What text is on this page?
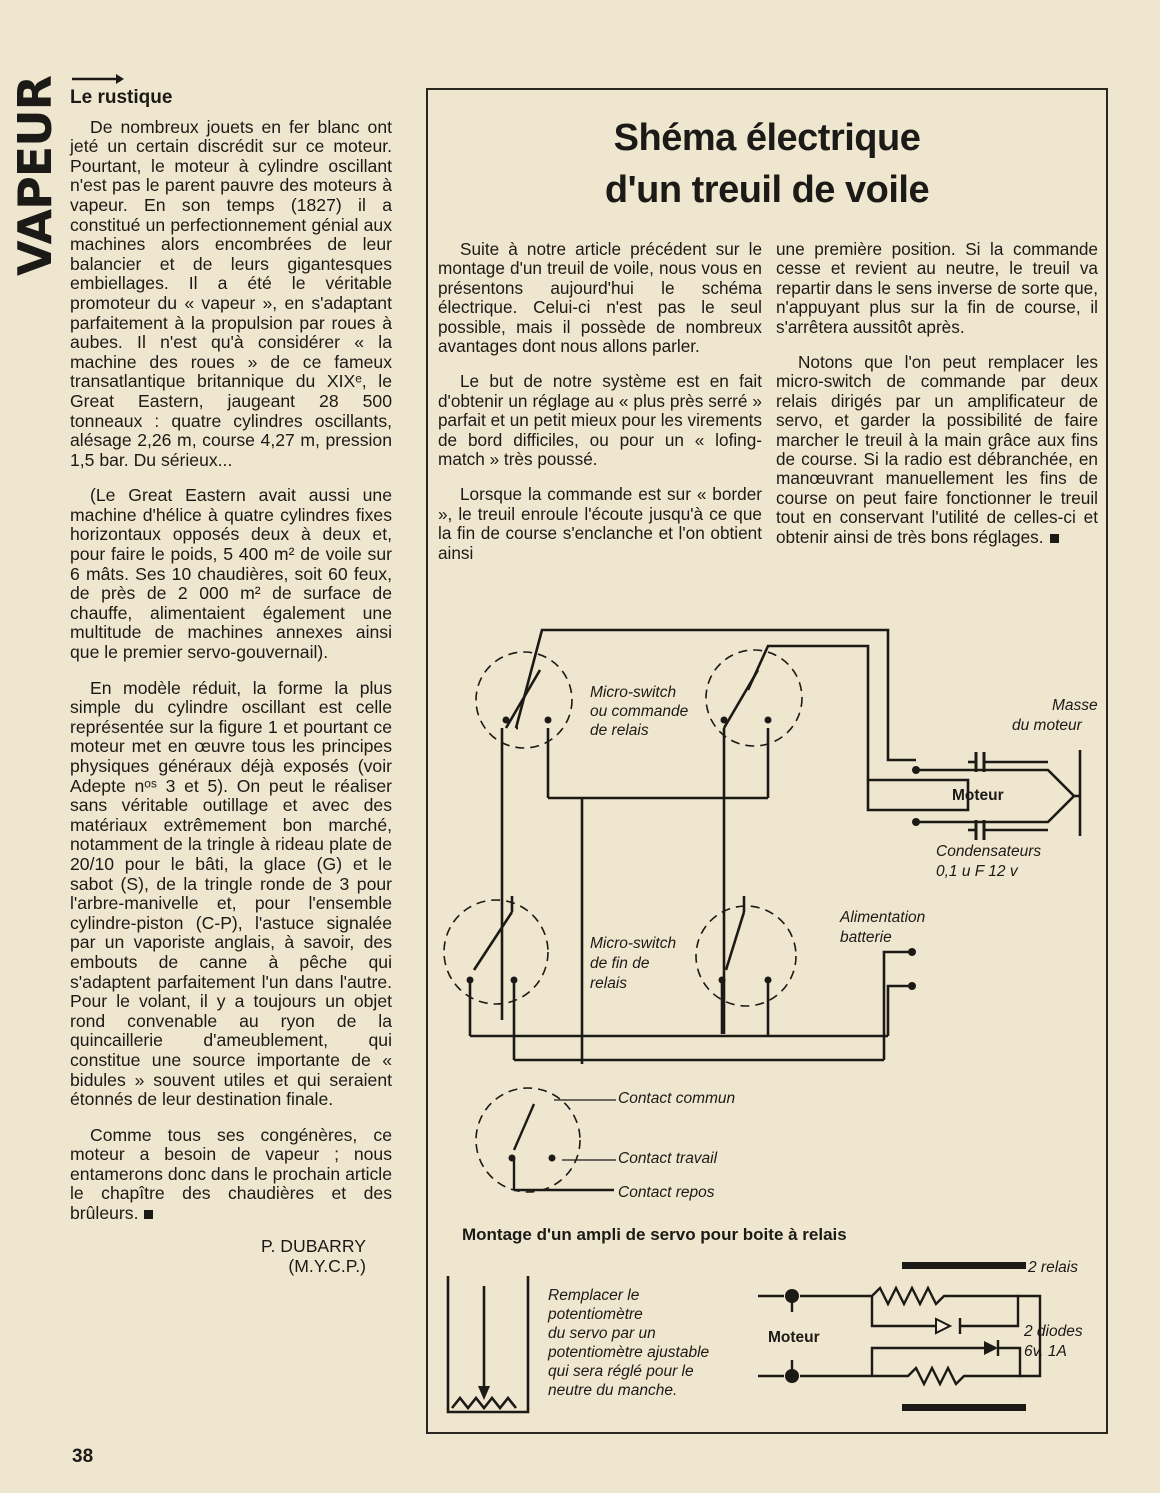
VAPEUR Le rustique

De nombreux jouets en fer blanc ont jeté un certain discrédit sur ce moteur. Pourtant, le moteur à cylindre oscillant n'est pas le parent pauvre des moteurs à vapeur. En son temps (1827) il a constitué un perfectionnement génial aux machines alors encombrées de leur balancier et de leurs gigantesques embiellages. Il a été le véritable promoteur du « vapeur », en s'adaptant parfaitement à la propulsion par roues à aubes. Il n'est qu'à considérer « la machine des roues » de ce fameux transatlantique britannique du XIXᵉ, le Great Eastern, jaugeant 28 500 tonneaux : quatre cylindres oscillants, alésage 2,26 m, course 4,27 m, pression 1,5 bar. Du sérieux...

(Le Great Eastern avait aussi une machine d'hélice à quatre cylindres fixes horizontaux opposés deux à deux et, pour faire le poids, 5 400 m² de voile sur 6 mâts. Ses 10 chaudières, soit 60 feux, de près de 2 000 m² de surface de chauffe, alimentaient également une multitude de machines annexes ainsi que le premier servo-gouvernail).

En modèle réduit, la forme la plus simple du cylindre oscillant est celle représentée sur la figure 1 et pourtant ce moteur met en œuvre tous les principes physiques généraux déjà exposés (voir Adepte nᵒˢ 3 et 5). On peut le réaliser sans véritable outillage et avec des matériaux extrêmement bon marché, notamment de la tringle à rideau plate de 20/10 pour le bâti, la glace (G) et le sabot (S), de la tringle ronde de 3 pour l'arbre-manivelle et, pour l'ensemble cylindre-piston (C-P), l'astuce signalée par un vaporiste anglais, à savoir, des embouts de canne à pêche qui s'adaptent parfaitement l'un dans l'autre. Pour le volant, il y a toujours un objet rond convenable au ryon de la quincaillerie d'ameublement, qui constitue une source importante de « bidules » souvent utiles et qui seraient étonnés de leur destination finale.

Comme tous ses congénères, ce moteur a besoin de vapeur ; nous entamerons donc dans le prochain article le chapître des chaudières et des brûleurs.

P. DUBARRY
(M.Y.C.P.)
38
Shéma électrique
d'un treuil de voile

Suite à notre article précédent sur le montage d'un treuil de voile, nous vous en présentons aujourd'hui le schéma électrique. Celui-ci n'est pas le seul possible, mais il possède de nombreux avantages dont nous allons parler.

Le but de notre système est en fait d'obtenir un réglage au « plus près serré » parfait et un petit mieux pour les virements de bord difficiles, ou pour un « lofing-match » très poussé.

Lorsque la commande est sur « border », le treuil enroule l'écoute jusqu'à ce que la fin de course s'enclanche et l'on obtient ainsi

une première position. Si la commande cesse et revient au neutre, le treuil va repartir dans le sens inverse de sorte que, n'appuyant plus sur la fin de course, il s'arrêtera aussitôt après.

Notons que l'on peut remplacer les micro-switch de commande par deux relais dirigés par un amplificateur de servo, et garder la possibilité de faire marcher le treuil à la main grâce aux fins de course. Si la radio est débranchée, en manœuvrant manuellement les fins de course on peut faire fonctionner le treuil tout en conservant l'utilité de celles-ci et obtenir ainsi de très bons réglages.

Micro-switch
ou commande
de relais
Masse
du moteur
Moteur
Condensateurs
0,1 u F 12 v
Alimentation
batterie
Micro-switch
de fin de
relais
Contact commun
Contact travail
Contact repos
Montage d'un ampli de servo pour boite à relais
Remplacer le
potentiomètre
du servo par un
potentiomètre ajustable
qui sera réglé pour le
neutre du manche.
Moteur
2 relais
2 diodes
6v. 1A
